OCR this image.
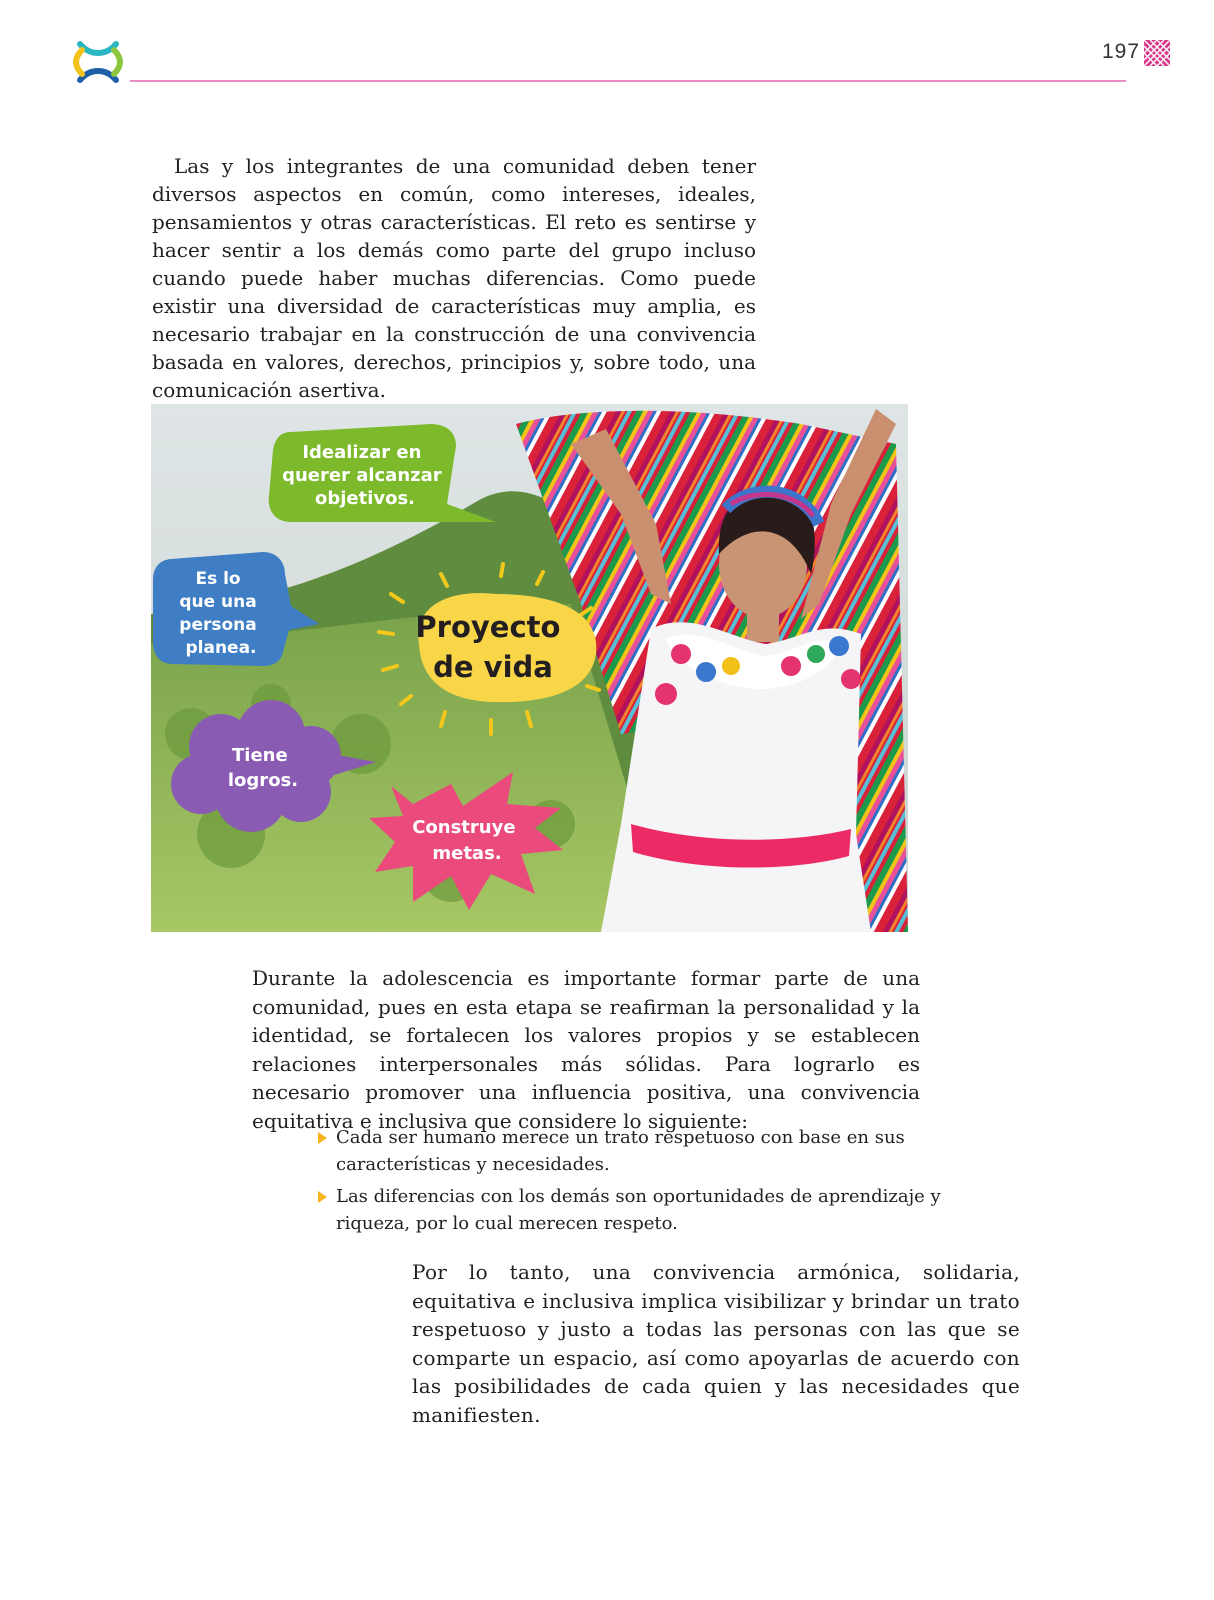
197

Las y los integrantes de una comunidad deben tener diversos aspectos en común, como intereses, ideales, pensamientos y otras características. El reto es sentirse y hacer sentir a los demás como parte del grupo incluso cuando puede haber muchas diferencias. Como puede existir una diversidad de características muy amplia, es necesario trabajar en la construcción de una convivencia basada en valores, derechos, principios y, sobre todo, una comunicación asertiva.

Idealizar en querer alcanzar objetivos.
Es lo que una persona planea.
Tiene logros.
Construye metas.
Proyecto de vida

Durante la adolescencia es importante formar parte de una comunidad, pues en esta etapa se reafirman la personalidad y la identidad, se fortalecen los valores propios y se establecen relaciones interpersonales más sólidas. Para lograrlo es necesario promover una influencia positiva, una convivencia equitativa e inclusiva que considere lo siguiente:

Cada ser humano merece un trato respetuoso con base en sus características y necesidades.
Las diferencias con los demás son oportunidades de aprendizaje y riqueza, por lo cual merecen respeto.

Por lo tanto, una convivencia armónica, solidaria, equitativa e inclusiva implica visibilizar y brindar un trato respetuoso y justo a todas las personas con las que se comparte un espacio, así como apoyarlas de acuerdo con las posibilidades de cada quien y las necesidades que manifiesten.
